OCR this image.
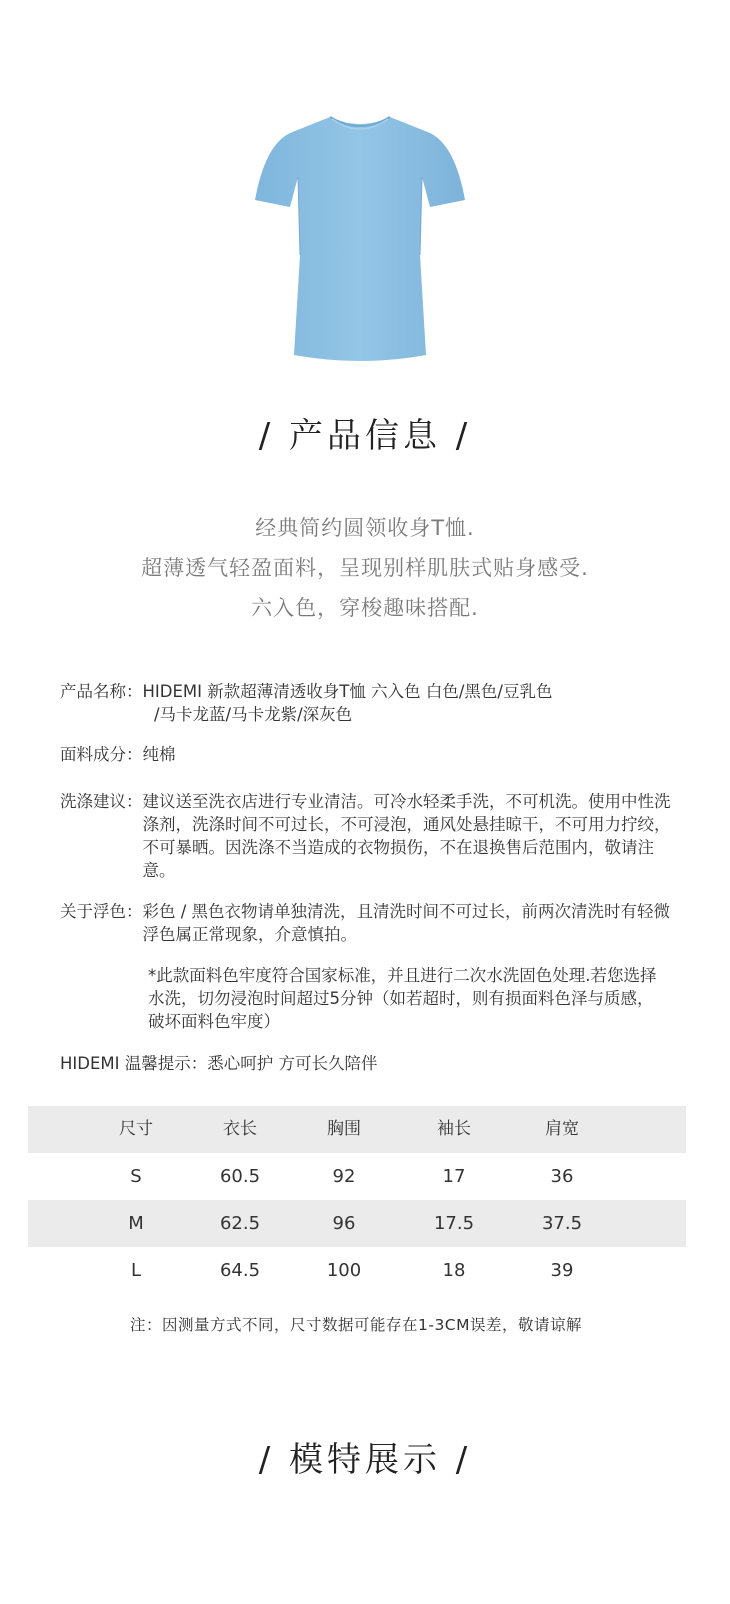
/ 产品信息 /
经典简约圆领收身T恤.
超薄透气轻盈面料，呈现别样肌肤式贴身感受.
六入色，穿梭趣味搭配.
产品名称： HIDEMI 新款超薄清透收身T恤 六入色 白色/黑色/豆乳色
/马卡龙蓝/马卡龙紫/深灰色
面料成分： 纯棉
洗涤建议： 建议送至洗衣店进行专业清洁。可冷水轻柔手洗，不可机洗。使用中性洗涤剂，洗涤时间不可过长，不可浸泡，通风处悬挂晾干，不可用力拧绞，不可暴晒。因洗涤不当造成的衣物损伤，不在退换售后范围内，敬请注意。
关于浮色： 彩色 / 黑色衣物请单独清洗，且清洗时间不可过长，前两次清洗时有轻微浮色属正常现象，介意慎拍。
*此款面料色牢度符合国家标准，并且进行二次水洗固色处理.若您选择水洗，切勿浸泡时间超过5分钟（如若超时，则有损面料色泽与质感，破坏面料色牢度）
HIDEMI 温馨提示：悉心呵护 方可长久陪伴
尺寸	衣长	胸围	袖长	肩宽
S	60.5	92	17	36
M	62.5	96	17.5	37.5
L	64.5	100	18	39
注：因测量方式不同，尺寸数据可能存在1-3CM误差，敬请谅解
/ 模特展示 /
